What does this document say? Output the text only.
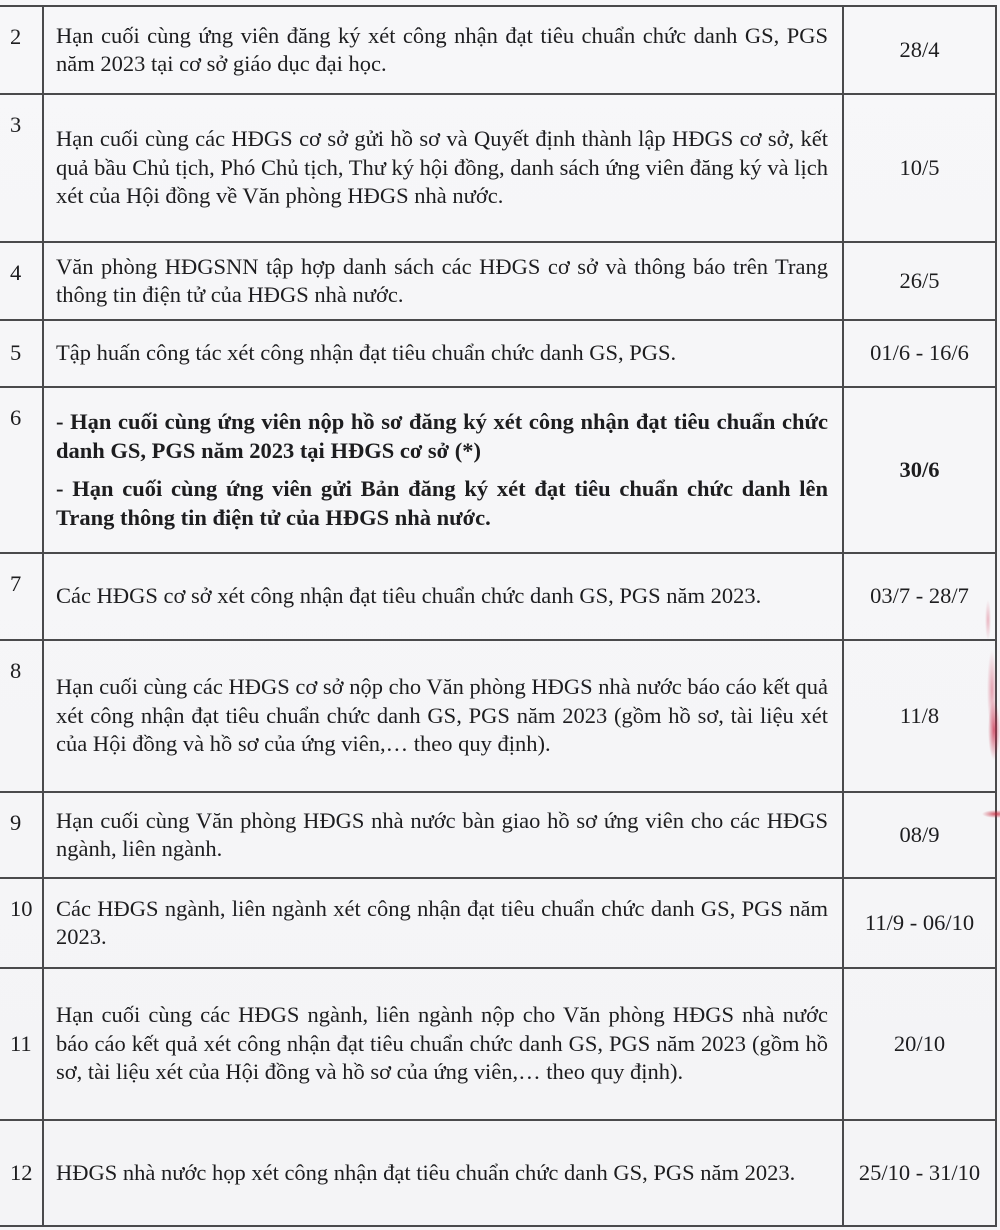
2	Hạn cuối cùng ứng viên đăng ký xét công nhận đạt tiêu chuẩn chức danh GS, PGS năm 2023 tại cơ sở giáo dục đại học.	28/4
3	Hạn cuối cùng các HĐGS cơ sở gửi hồ sơ và Quyết định thành lập HĐGS cơ sở, kết quả bầu Chủ tịch, Phó Chủ tịch, Thư ký hội đồng, danh sách ứng viên đăng ký và lịch xét của Hội đồng về Văn phòng HĐGS nhà nước.	10/5
4	Văn phòng HĐGSNN tập hợp danh sách các HĐGS cơ sở và thông báo trên Trang thông tin điện tử của HĐGS nhà nước.	26/5
5	Tập huấn công tác xét công nhận đạt tiêu chuẩn chức danh GS, PGS.	01/6 - 16/6
6	- Hạn cuối cùng ứng viên nộp hồ sơ đăng ký xét công nhận đạt tiêu chuẩn chức danh GS, PGS năm 2023 tại HĐGS cơ sở (*)
- Hạn cuối cùng ứng viên gửi Bản đăng ký xét đạt tiêu chuẩn chức danh lên Trang thông tin điện tử của HĐGS nhà nước.	30/6
7	Các HĐGS cơ sở xét công nhận đạt tiêu chuẩn chức danh GS, PGS năm 2023.	03/7 - 28/7
8	Hạn cuối cùng các HĐGS cơ sở nộp cho Văn phòng HĐGS nhà nước báo cáo kết quả xét công nhận đạt tiêu chuẩn chức danh GS, PGS năm 2023 (gồm hồ sơ, tài liệu xét của Hội đồng và hồ sơ của ứng viên,… theo quy định).	11/8
9	Hạn cuối cùng Văn phòng HĐGS nhà nước bàn giao hồ sơ ứng viên cho các HĐGS ngành, liên ngành.	08/9
10	Các HĐGS ngành, liên ngành xét công nhận đạt tiêu chuẩn chức danh GS, PGS năm 2023.	11/9 - 06/10
11	Hạn cuối cùng các HĐGS ngành, liên ngành nộp cho Văn phòng HĐGS nhà nước báo cáo kết quả xét công nhận đạt tiêu chuẩn chức danh GS, PGS năm 2023 (gồm hồ sơ, tài liệu xét của Hội đồng và hồ sơ của ứng viên,… theo quy định).	20/10
12	HĐGS nhà nước họp xét công nhận đạt tiêu chuẩn chức danh GS, PGS năm 2023.	25/10 - 31/10
